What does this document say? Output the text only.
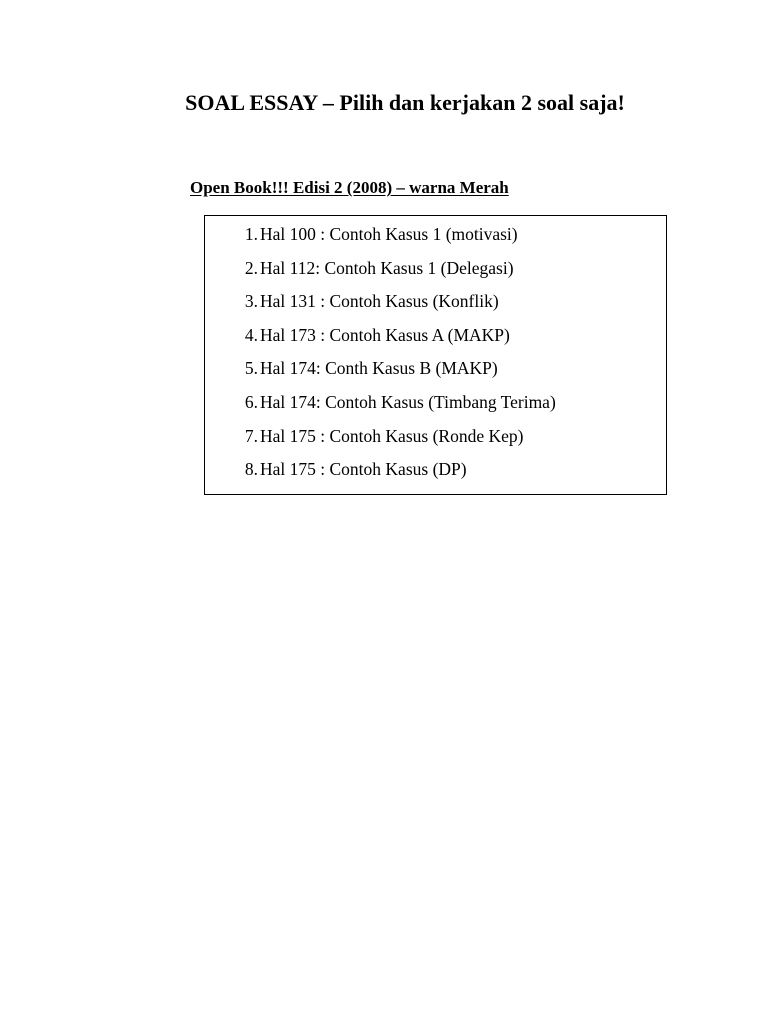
SOAL ESSAY – Pilih dan kerjakan 2 soal saja!

Open Book!!! Edisi 2 (2008) – warna Merah

1. Hal 100 : Contoh Kasus 1 (motivasi)
2. Hal 112: Contoh Kasus 1 (Delegasi)
3. Hal 131 : Contoh Kasus (Konflik)
4. Hal 173 : Contoh Kasus A (MAKP)
5. Hal 174: Conth Kasus B (MAKP)
6. Hal 174: Contoh Kasus (Timbang Terima)
7. Hal 175 : Contoh Kasus (Ronde Kep)
8. Hal 175 : Contoh Kasus (DP)
